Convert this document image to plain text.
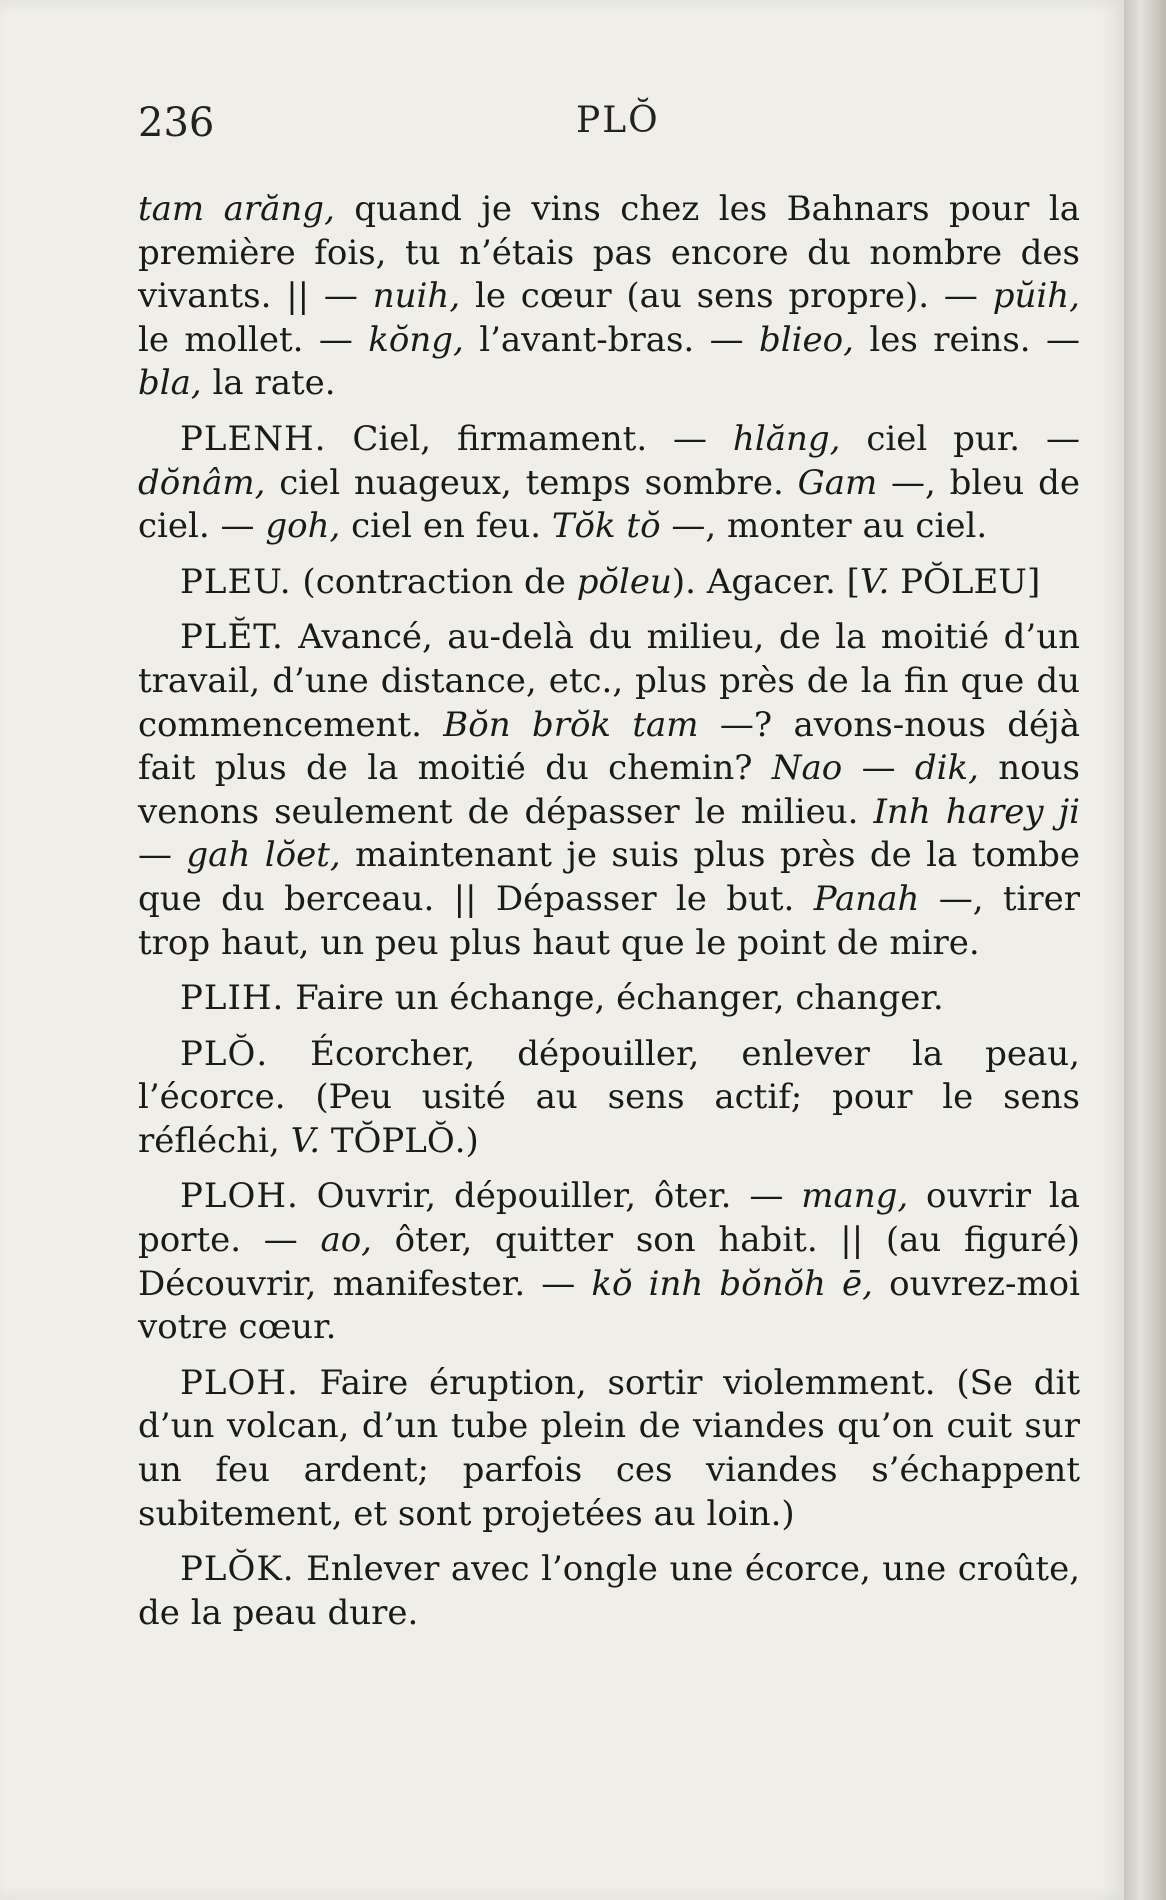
236	PLŎ

tam arăng, quand je vins chez les Bahnars pour la première fois, tu n’étais pas encore du nombre des vivants. || — nuih, le cœur (au sens propre). — pŭih, le mollet. — kŏng, l’avant-bras. — blieo, les reins. — bla, la rate.

PLENH. Ciel, firmament. — hlăng, ciel pur. — dŏnâm, ciel nuageux, temps sombre. Gam —, bleu de ciel. — goh, ciel en feu. Tŏk tŏ —, monter au ciel.

PLEU. (contraction de pŏleu). Agacer. [V. PŎLEU]

PLĔT. Avancé, au-delà du milieu, de la moitié d’un travail, d’une distance, etc., plus près de la fin que du commencement. Bŏn brŏk tam —? avons-nous déjà fait plus de la moitié du chemin? Nao — dik, nous venons seulement de dépasser le milieu. Inh harey ji — gah lŏet, maintenant je suis plus près de la tombe que du berceau. || Dépasser le but. Panah —, tirer trop haut, un peu plus haut que le point de mire.

PLIH. Faire un échange, échanger, changer.

PLŎ. Écorcher, dépouiller, enlever la peau, l’écorce. (Peu usité au sens actif; pour le sens réfléchi, V. TŎPLŎ.)

PLOH. Ouvrir, dépouiller, ôter. — mang, ouvrir la porte. — ao, ôter, quitter son habit. || (au figuré) Découvrir, manifester. — kŏ inh bŏnŏh ē, ouvrez-moi votre cœur.

PLOH. Faire éruption, sortir violemment. (Se dit d’un volcan, d’un tube plein de viandes qu’on cuit sur un feu ardent; parfois ces viandes s’échappent subitement, et sont projetées au loin.)

PLŎK. Enlever avec l’ongle une écorce, une croûte, de la peau dure.
